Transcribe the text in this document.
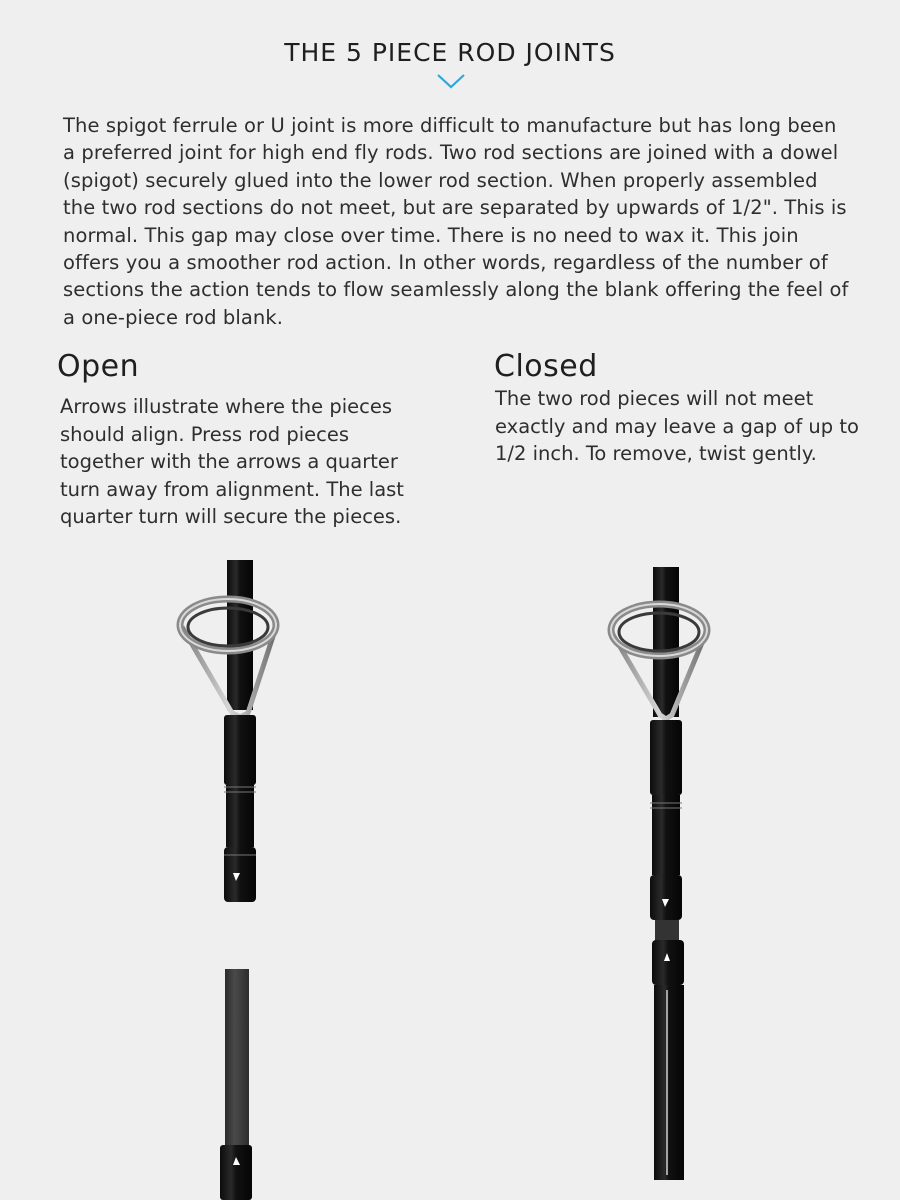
THE 5 PIECE ROD JOINTS

The spigot ferrule or U joint is more difficult to manufacture but has long been a preferred joint for high end fly rods. Two rod sections are joined with a dowel (spigot) securely glued into the lower rod section. When properly assembled the two rod sections do not meet, but are separated by upwards of 1/2". This is normal. This gap may close over time. There is no need to wax it. This join offers you a smoother rod action. In other words, regardless of the number of sections the action tends to flow seamlessly along the blank offering the feel of a one-piece rod blank.

Open

Arrows illustrate where the pieces should align. Press rod pieces together with the arrows a quarter turn away from alignment. The last quarter turn will secure the pieces.

Closed

The two rod pieces will not meet exactly and may leave a gap of up to 1/2 inch. To remove, twist gently.
